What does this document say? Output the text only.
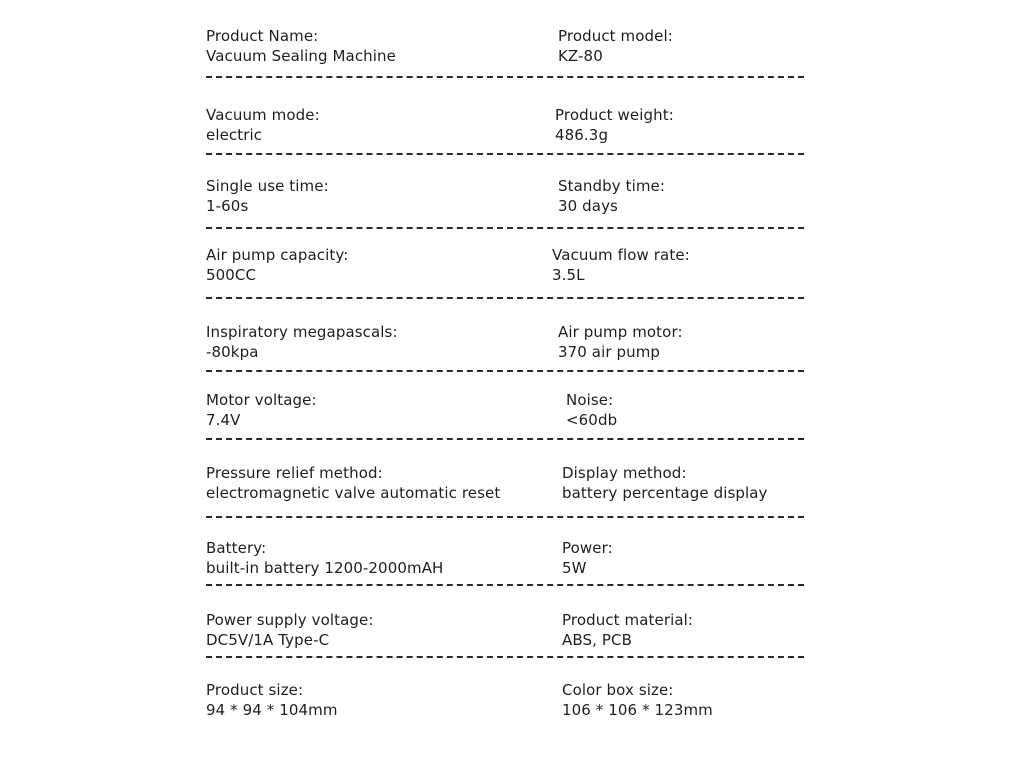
Product Name:
Vacuum Sealing Machine
Product model:
KZ-80
Vacuum mode:
electric
Product weight:
486.3g
Single use time:
1-60s
Standby time:
30 days
Air pump capacity:
500CC
Vacuum flow rate:
3.5L
Inspiratory megapascals:
-80kpa
Air pump motor:
370 air pump
Motor voltage:
7.4V
Noise:
<60db
Pressure relief method:
electromagnetic valve automatic reset
Display method:
battery percentage display
Battery:
built-in battery 1200-2000mAH
Power:
5W
Power supply voltage:
DC5V/1A Type-C
Product material:
ABS, PCB
Product size:
94 * 94 * 104mm
Color box size:
106 * 106 * 123mm
